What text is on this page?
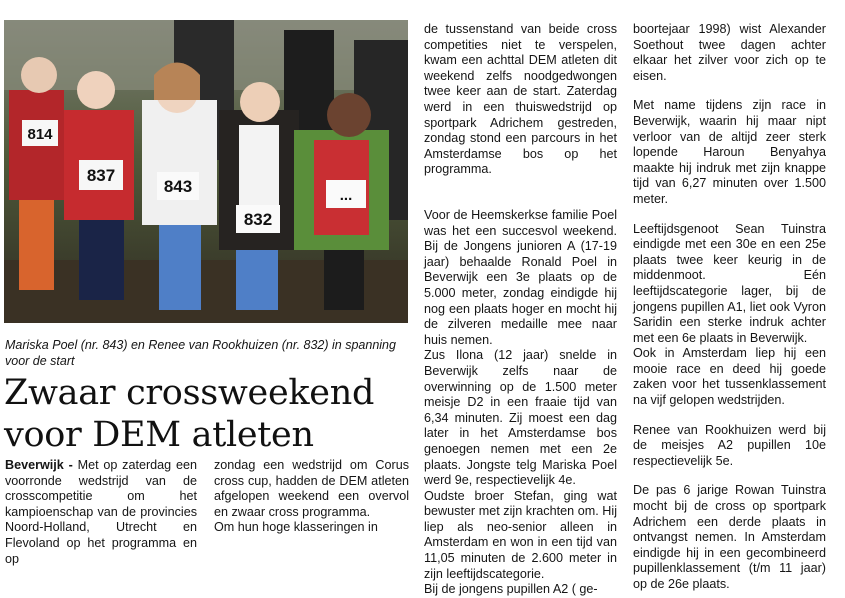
814
837
843
832
...
Mariska Poel (nr. 843) en Renee van Rookhuizen (nr. 832) in spanning voor de start
Zwaar crossweekend voor DEM atleten

Beverwijk - Met op zaterdag een voorronde wedstrijd van de crosscompetitie om het kampioenschap van de provincies Noord-Holland, Utrecht en Flevoland op het programma en op

zondag een wedstrijd om Corus cross cup, hadden de DEM atleten afgelopen weekend een overvol en zwaar cross programma.

Om hun hoge klasseringen in

de tussenstand van beide cross competities niet te verspelen, kwam een achttal DEM atleten dit weekend zelfs noodgedwongen twee keer aan de start. Zaterdag werd in een thuiswedstrijd op sportpark Adrichem gestreden, zondag stond een parcours in het Amsterdamse bos op het programma.

Voor de Heemskerkse familie Poel was het een succesvol weekend. Bij de Jongens junioren A (17-19 jaar) behaalde Ronald Poel in Beverwijk een 3e plaats op de 5.000 meter, zondag eindigde hij nog een plaats hoger en mocht hij de zilveren medaille mee naar huis nemen.

Zus Ilona (12 jaar) snelde in Beverwijk zelfs naar de overwinning op de 1.500 meter meisje D2 in een fraaie tijd van 6,34 minuten. Zij moest een dag later in het Amsterdamse bos genoegen nemen met een 2e plaats. Jongste telg Mariska Poel werd 9e, respectievelijk 4e.

Oudste broer Stefan, ging wat bewuster met zijn krachten om. Hij liep als neo-senior alleen in Amsterdam en won in een tijd van 11,05 minuten de 2.600 meter in zijn leeftijdscategorie.

Bij de jongens pupillen A2 ( ge-

boortejaar 1998) wist Alexander Soethout twee dagen achter elkaar het zilver voor zich op te eisen.

Met name tijdens zijn race in Beverwijk, waarin hij maar nipt verloor van de altijd zeer sterk lopende Haroun Benyahya maakte hij indruk met zijn knappe tijd van 6,27 minuten over 1.500 meter.

Leeftijdsgenoot Sean Tuinstra eindigde met een 30e en een 25e plaats twee keer keurig in de middenmoot. Eén leeftijdscategorie lager, bij de jongens pupillen A1, liet ook Vyron Saridin een sterke indruk achter met een 6e plaats in Beverwijk.

Ook in Amsterdam liep hij een mooie race en deed hij goede zaken voor het tussenklassement na vijf gelopen wedstrijden.

Renee van Rookhuizen werd bij de meisjes A2 pupillen 10e respectievelijk 5e.

De pas 6 jarige Rowan Tuinstra mocht bij de cross op sportpark Adrichem een derde plaats in ontvangst nemen. In Amsterdam eindigde hij in een gecombineerd pupillenklassement (t/m 11 jaar) op de 26e plaats.
